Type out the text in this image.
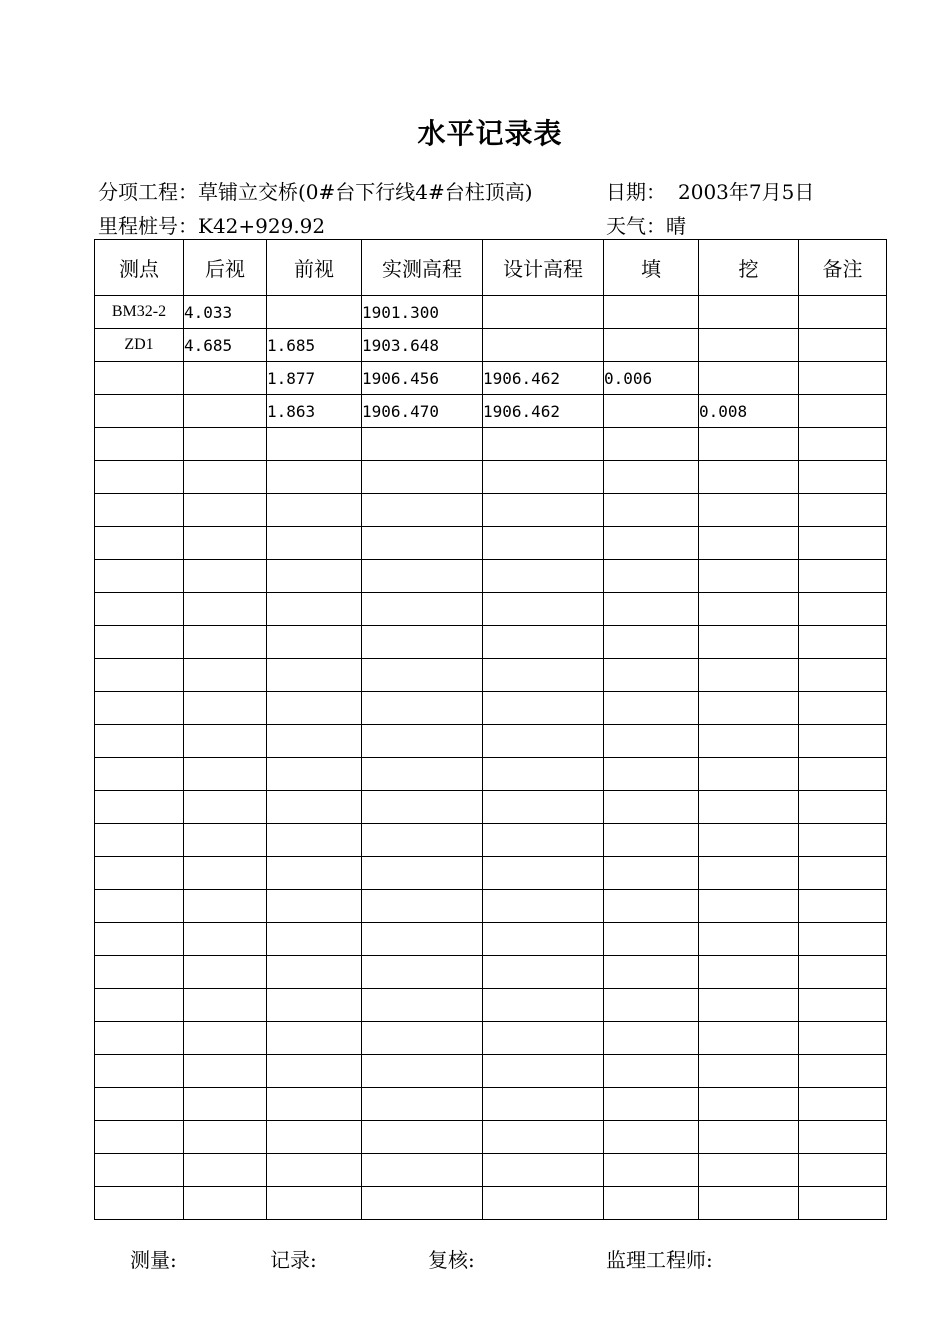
水平记录表
分项工程：草铺立交桥(0#台下行线4#台柱顶高)	日期： 2003年7月5日
里程桩号：K42+929.92	天气：晴
测点	后视	前视	实测高程	设计高程	填	挖	备注
BM32-2	4.033		1901.300				
ZD1	4.685	1.685	1903.648				
		1.877	1906.456	1906.462	0.006		
		1.863	1906.470	1906.462		0.008	

测量:	记录:	复核:	监理工程师:
